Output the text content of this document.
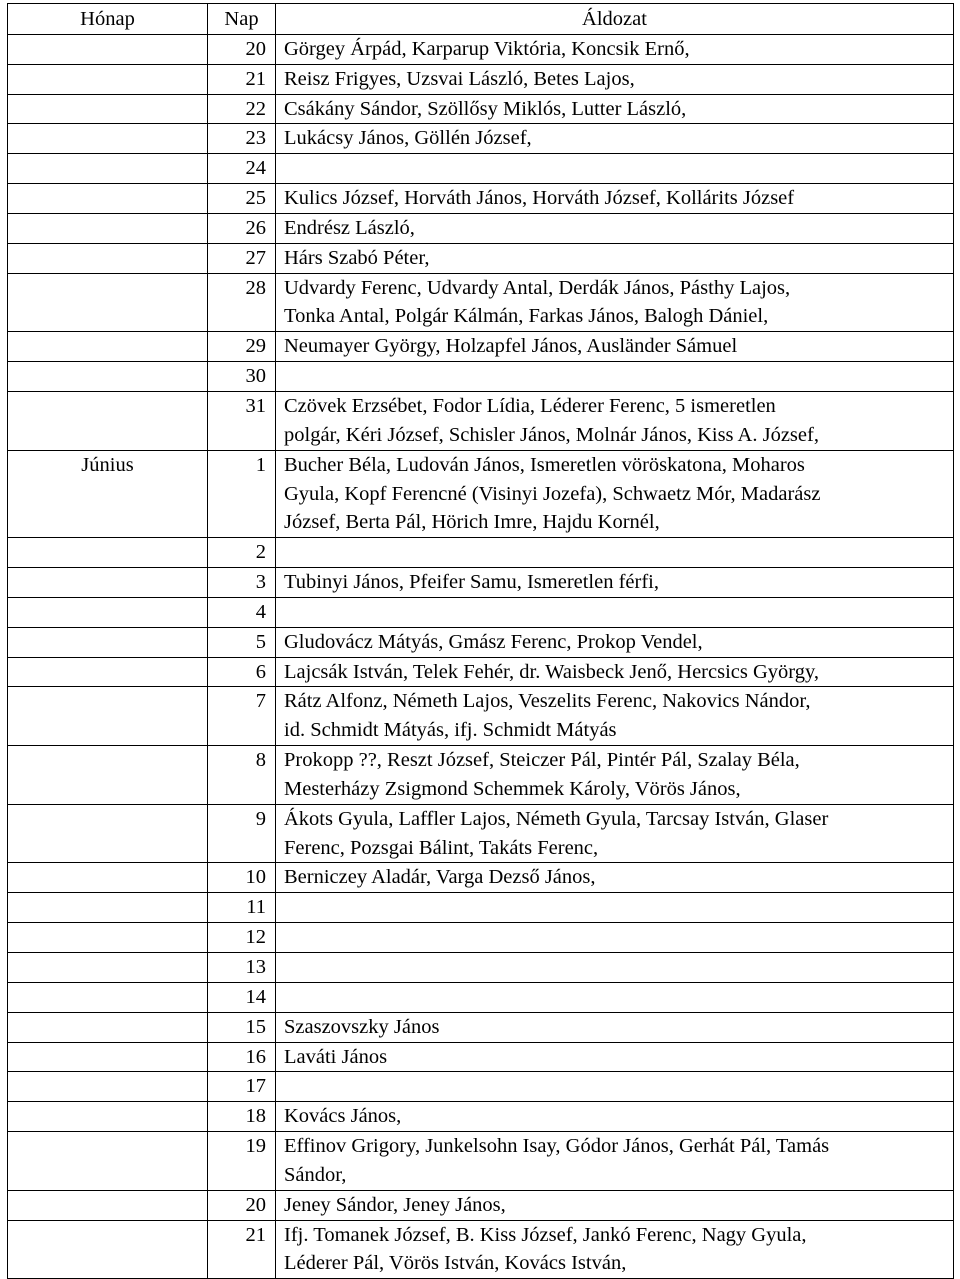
Hónap	Nap	Áldozat
	20	Görgey Árpád, Karparup Viktória, Koncsik Ernő,

	21	Reisz Frigyes, Uzsvai László, Betes Lajos,

	22	Csákány Sándor, Szöllősy Miklós, Lutter László,

	23	Lukácsy János, Göllén József,

	24	
	25	Kulics József, Horváth János, Horváth József, Kollárits József

	26	Endrész László,

	27	Hárs Szabó Péter,

	28	Udvardy Ferenc, Udvardy Antal, Derdák János, Pásthy Lajos,
Tonka Antal, Polgár Kálmán, Farkas János, Balogh Dániel,

	29	Neumayer György, Holzapfel János, Ausländer Sámuel

	30	
	31	Czövek Erzsébet, Fodor Lídia, Léderer Ferenc, 5 ismeretlen
polgár, Kéri József, Schisler János, Molnár János, Kiss A. József,

Június	1	Bucher Béla, Ludován János, Ismeretlen vöröskatona, Moharos
Gyula, Kopf Ferencné (Visinyi Jozefa), Schwaetz Mór, Madarász
József, Berta Pál, Hörich Imre, Hajdu Kornél,

	2	
	3	Tubinyi János, Pfeifer Samu, Ismeretlen férfi,

	4	
	5	Gludovácz Mátyás, Gmász Ferenc, Prokop Vendel,

	6	Lajcsák István, Telek Fehér, dr. Waisbeck Jenő, Hercsics György,

	7	Rátz Alfonz, Németh Lajos, Veszelits Ferenc, Nakovics Nándor,
id. Schmidt Mátyás, ifj. Schmidt Mátyás

	8	Prokopp ??, Reszt József, Steiczer Pál, Pintér Pál, Szalay Béla,
Mesterházy Zsigmond Schemmek Károly, Vörös János,

	9	Ákots Gyula, Laffler Lajos, Németh Gyula, Tarcsay István, Glaser
Ferenc, Pozsgai Bálint, Takáts Ferenc,

	10	Berniczey Aladár, Varga Dezső János,

	11	
	12	
	13	
	14	
	15	Szaszovszky János

	16	Laváti János

	17	
	18	Kovács János,

	19	Effinov Grigory, Junkelsohn Isay, Gódor János, Gerhát Pál, Tamás
Sándor,

	20	Jeney Sándor, Jeney János,

	21	Ifj. Tomanek József, B. Kiss József, Jankó Ferenc, Nagy Gyula,
Léderer Pál, Vörös István, Kovács István,
